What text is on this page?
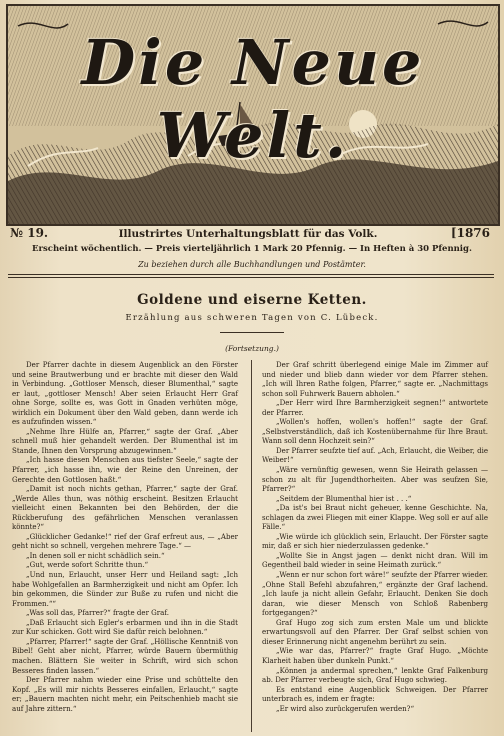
Die Neue Welt.
№ 19.	Illustrirtes Unterhaltungsblatt für das Volk.	[1876
Erscheint wöchentlich. — Preis vierteljährlich 1 Mark 20 Pfennig. — In Heften à 30 Pfennig.
Zu beziehen durch alle Buchhandlungen und Postämter.
Goldene und eiserne Ketten.
Erzählung aus schweren Tagen von C. Lübeck.
(Fortsetzung.)

Der Pfarrer dachte in diesem Augenblick an den Förster und seine Brautwerbung und er brachte mit dieser den Wald in Verbindung. „Gottloser Mensch, dieser Blumenthal,“ sagte er laut, „gottloser Mensch! Aber seien Erlaucht Herr Graf ohne Sorge, sollte es, was Gott in Gnaden verhüten möge, wirklich ein Dokument über den Wald geben, dann werde ich es aufzufinden wissen.“

„Nehme Ihre Hülfe an, Pfarrer,“ sagte der Graf. „Aber schnell muß hier gehandelt werden. Der Blumenthal ist im Stande, Ihnen den Vorsprung abzugewinnen.“

„Ich hasse diesen Menschen aus tiefster Seele,“ sagte der Pfarrer, „ich hasse ihn, wie der Reine den Unreinen, der Gerechte den Gottlosen haßt.“

„Damit ist noch nichts gethan, Pfarrer,“ sagte der Graf. „Werde Alles thun, was nöthig erscheint. Besitzen Erlaucht vielleicht einen Bekannten bei den Behörden, der die Rückberufung des gefährlichen Menschen veranlassen könnte?“

„Glücklicher Gedanke!“ rief der Graf erfreut aus, — „Aber geht nicht so schnell, vergehen mehrere Tage.“ —

„In denen soll er nicht schädlich sein.“

„Gut, werde sofort Schritte thun.“

„Und nun, Erlaucht, unser Herr und Heiland sagt: „Ich habe Wohlgefallen an Barmherzigkeit und nicht am Opfer. Ich bin gekommen, die Sünder zur Buße zu rufen und nicht die Frommen.““

„Was soll das, Pfarrer?“ fragte der Graf.

„Daß Erlaucht sich Egler's erbarmen und ihn in die Stadt zur Kur schicken. Gott wird Sie dafür reich belohnen.“

„Pfarrer, Pfarrer!“ sagte der Graf. „Höllische Kenntniß von Bibel! Geht aber nicht, Pfarrer, würde Bauern übermüthig machen. Blättern Sie weiter in Schrift, wird sich schon Besseres finden lassen.“

Der Pfarrer nahm wieder eine Prise und schüttelte den Kopf. „Es will mir nichts Besseres einfallen, Erlaucht,“ sagte er; „Bauern machten nicht mehr, ein Peitschenhieb macht sie auf Jahre zittern.“

Der Graf schritt überlegend einige Male im Zimmer auf und nieder und blieb dann wieder vor dem Pfarrer stehen. „Ich will Ihren Rathe folgen, Pfarrer,“ sagte er. „Nachmittags schon soll Fuhrwerk Bauern abholen.“

„Der Herr wird Ihre Barmherzigkeit segnen!“ antwortete der Pfarrer.

„Wollen's hoffen, wollen's hoffen!“ sagte der Graf. „Selbstverständlich, daß ich Kostenübernahme für Ihre Braut. Wann soll denn Hochzeit sein?“

Der Pfarrer seufzte tief auf. „Ach, Erlaucht, die Weiber, die Weiber!“

„Wäre vernünftig gewesen, wenn Sie Heirath gelassen — schon zu alt für Jugendthorheiten. Aber was seufzen Sie, Pfarrer?“

„Seitdem der Blumenthal hier ist . . .“

„Da ist's bei Braut nicht geheuer, kenne Geschichte. Na, schlagen da zwei Fliegen mit einer Klappe. Weg soll er auf alle Fälle.“

„Wie würde ich glücklich sein, Erlaucht. Der Förster sagte mir, daß er sich hier niederzulassen gedenke.“

„Wollte Sie in Angst jagen — denkt nicht dran. Will im Gegentheil bald wieder in seine Heimath zurück.“

„Wenn er nur schon fort wäre!“ seufzte der Pfarrer wieder. „Ohne Stall Befehl abzufahren,“ ergänzte der Graf lachend. „Ich laufe ja nicht allein Gefahr, Erlaucht. Denken Sie doch daran, wie dieser Mensch von Schloß Rabenberg fortgegangen?“

Graf Hugo zog sich zum ersten Male um und blickte erwartungsvoll auf den Pfarrer. Der Graf selbst schien von dieser Erinnerung nicht angenehm berührt zu sein.

„Wie war das, Pfarrer?“ fragte Graf Hugo. „Möchte Klarheit haben über dunkeln Punkt.“

„Können ja andermal sprechen,“ lenkte Graf Falkenburg ab. Der Pfarrer verbeugte sich, Graf Hugo schwieg.

Es entstand eine Augenblick Schweigen. Der Pfarrer unterbrach es, indem er fragte:

„Er wird also zurückgerufen werden?“
